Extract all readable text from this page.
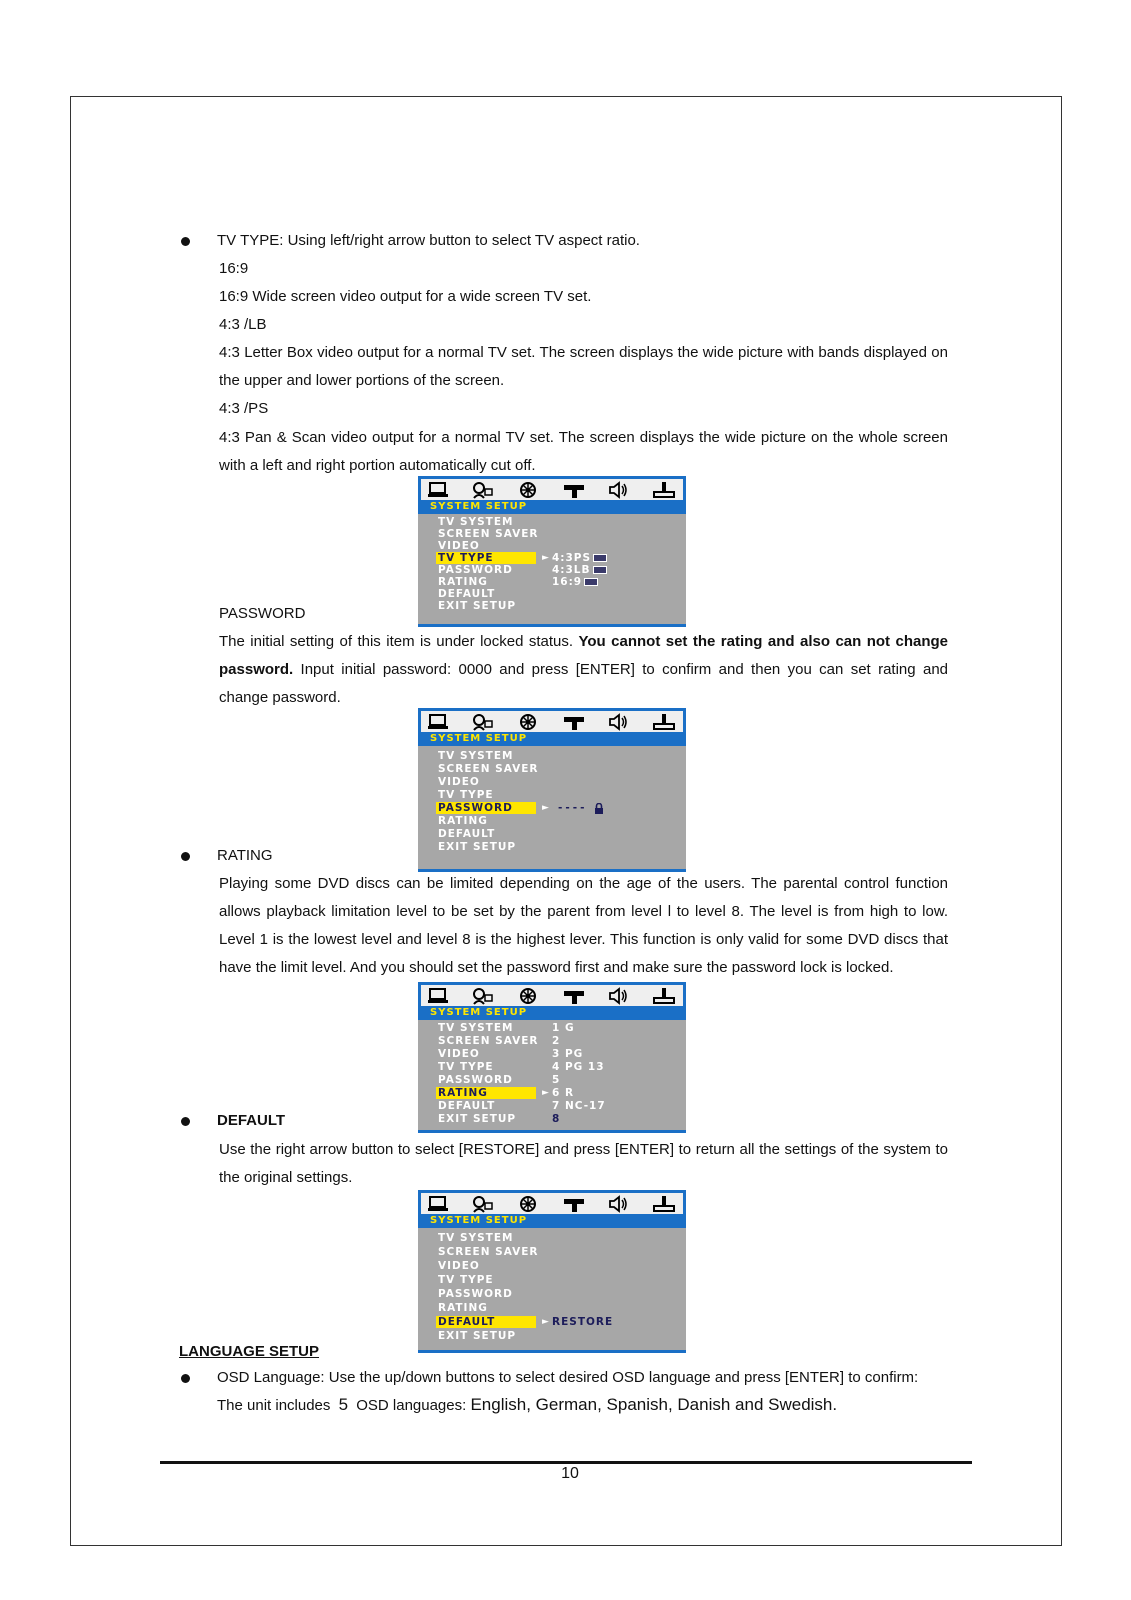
TV TYPE: Using left/right arrow button to select TV aspect ratio.
16:9
16:9 Wide screen video output for a wide screen TV set.
4:3 /LB

4:3 Letter Box video output for a normal TV set. The screen displays the wide picture with bands displayed on the upper and lower portions of the screen.

4:3 /PS

4:3 Pan & Scan video output for a normal TV set. The screen displays the wide picture on the whole screen with a left and right portion automatically cut off.

SYSTEM SETUP
TV SYSTEM
SCREEN SAVER
VIDEO
TV TYPE
PASSWORD
RATING
DEFAULT
EXIT SETUP
► 4:3PS
4:3LB
16:9
PASSWORD

The initial setting of this item is under locked status. You cannot set the rating and also can not change password. Input initial password: 0000 and press [ENTER] to confirm and then you can set rating and change password.

SYSTEM SETUP
TV SYSTEM
SCREEN SAVER
VIDEO
TV TYPE
PASSWORD
RATING
DEFAULT
EXIT SETUP
► ----
RATING

Playing some DVD discs can be limited depending on the age of the users. The parental control function allows playback limitation level to be set by the parent from level l to level 8. The level is from high to low. Level 1 is the lowest level and level 8 is the highest lever. This function is only valid for some DVD discs that have the limit level. And you should set the password first and make sure the password lock is locked.

SYSTEM SETUP
TV SYSTEM
SCREEN SAVER
VIDEO
TV TYPE
PASSWORD
RATING
DEFAULT
EXIT SETUP
1 G
2
3 PG
4 PG 13
5
► 6 R
7 NC-17
8
DEFAULT

Use the right arrow button to select [RESTORE] and press [ENTER] to return all the settings of the system to the original settings.

SYSTEM SETUP
TV SYSTEM
SCREEN SAVER
VIDEO
TV TYPE
PASSWORD
RATING
DEFAULT
EXIT SETUP
► RESTORE
LANGUAGE SETUP
OSD Language: Use the up/down buttons to select desired OSD language and press [ENTER] to confirm:
The unit includes 5 OSD languages: English, German, Spanish, Danish and Swedish.
10
